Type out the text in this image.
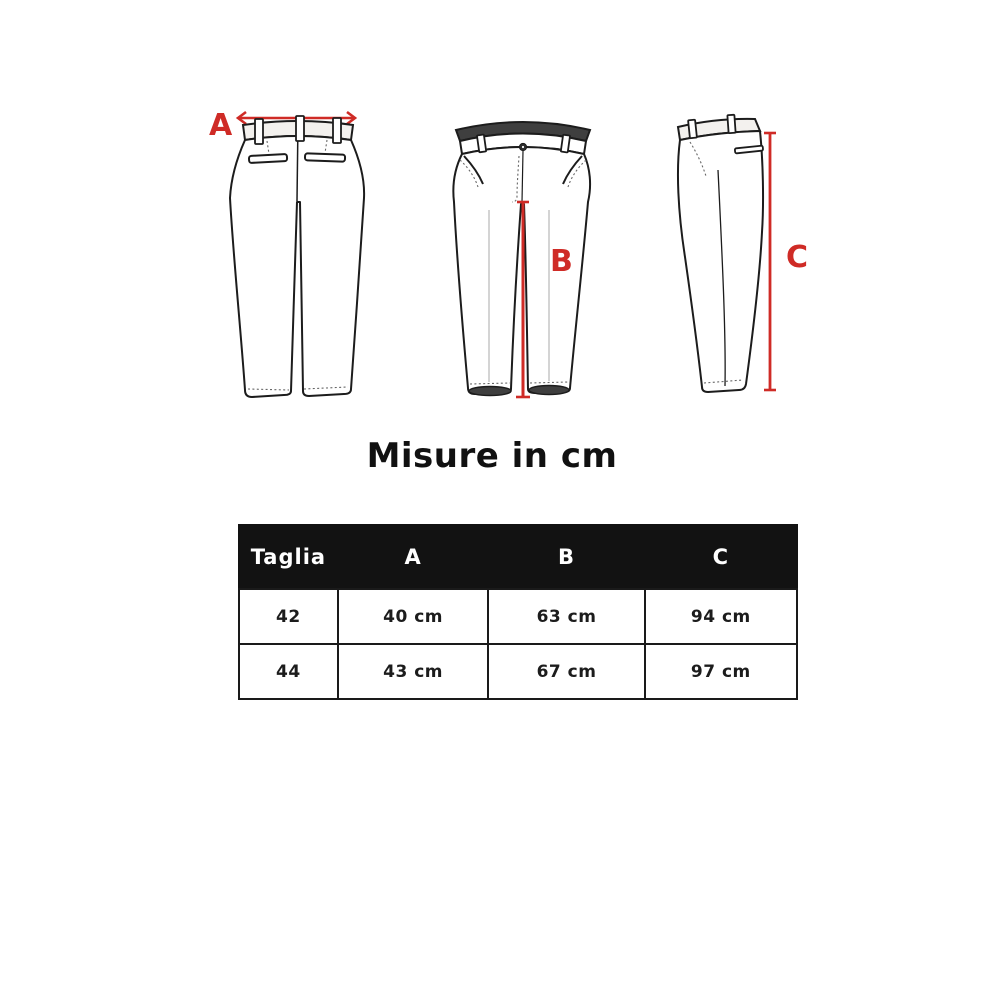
A
B	C
Misure in cm
Taglia	A	B	C
42	40 cm	63 cm	94 cm
44	43 cm	67 cm	97 cm
